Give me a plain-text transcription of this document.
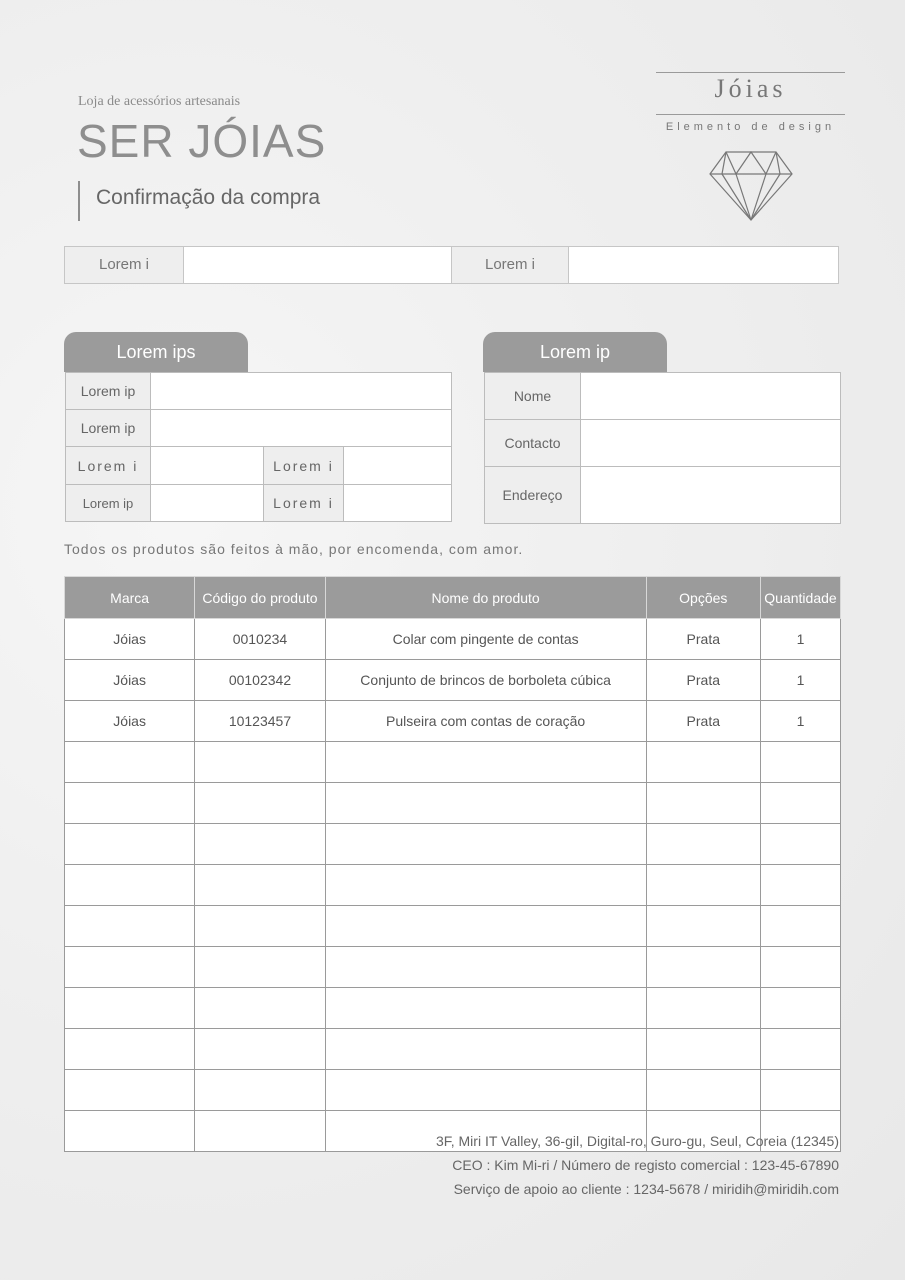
Loja de acessórios artesanais
SER JÓIAS
Confirmação da compra
Jóias
Elemento de design
Lorem i	Lorem i
Lorem ips
Lorem ip			
Lorem ip			
Lorem i		Lorem i	
Lorem ip		Lorem i	
Lorem ip
Nome	
Contacto	
Endereço	
Todos os produtos são feitos à mão, por encomenda, com amor.
Marca	Código do produto	Nome do produto	Opções	Quantidade
Jóias	0010234	Colar com pingente de contas	Prata	1
Jóias	00102342	Conjunto de brincos de borboleta cúbica	Prata	1
Jóias	10123457	Pulseira com contas de coração	Prata	1

3F, Miri IT Valley, 36-gil, Digital-ro, Guro-gu, Seul, Coreia (12345)
CEO : Kim Mi-ri / Número de registo comercial : 123-45-67890
Serviço de apoio ao cliente : 1234-5678 / miridih@miridih.com
